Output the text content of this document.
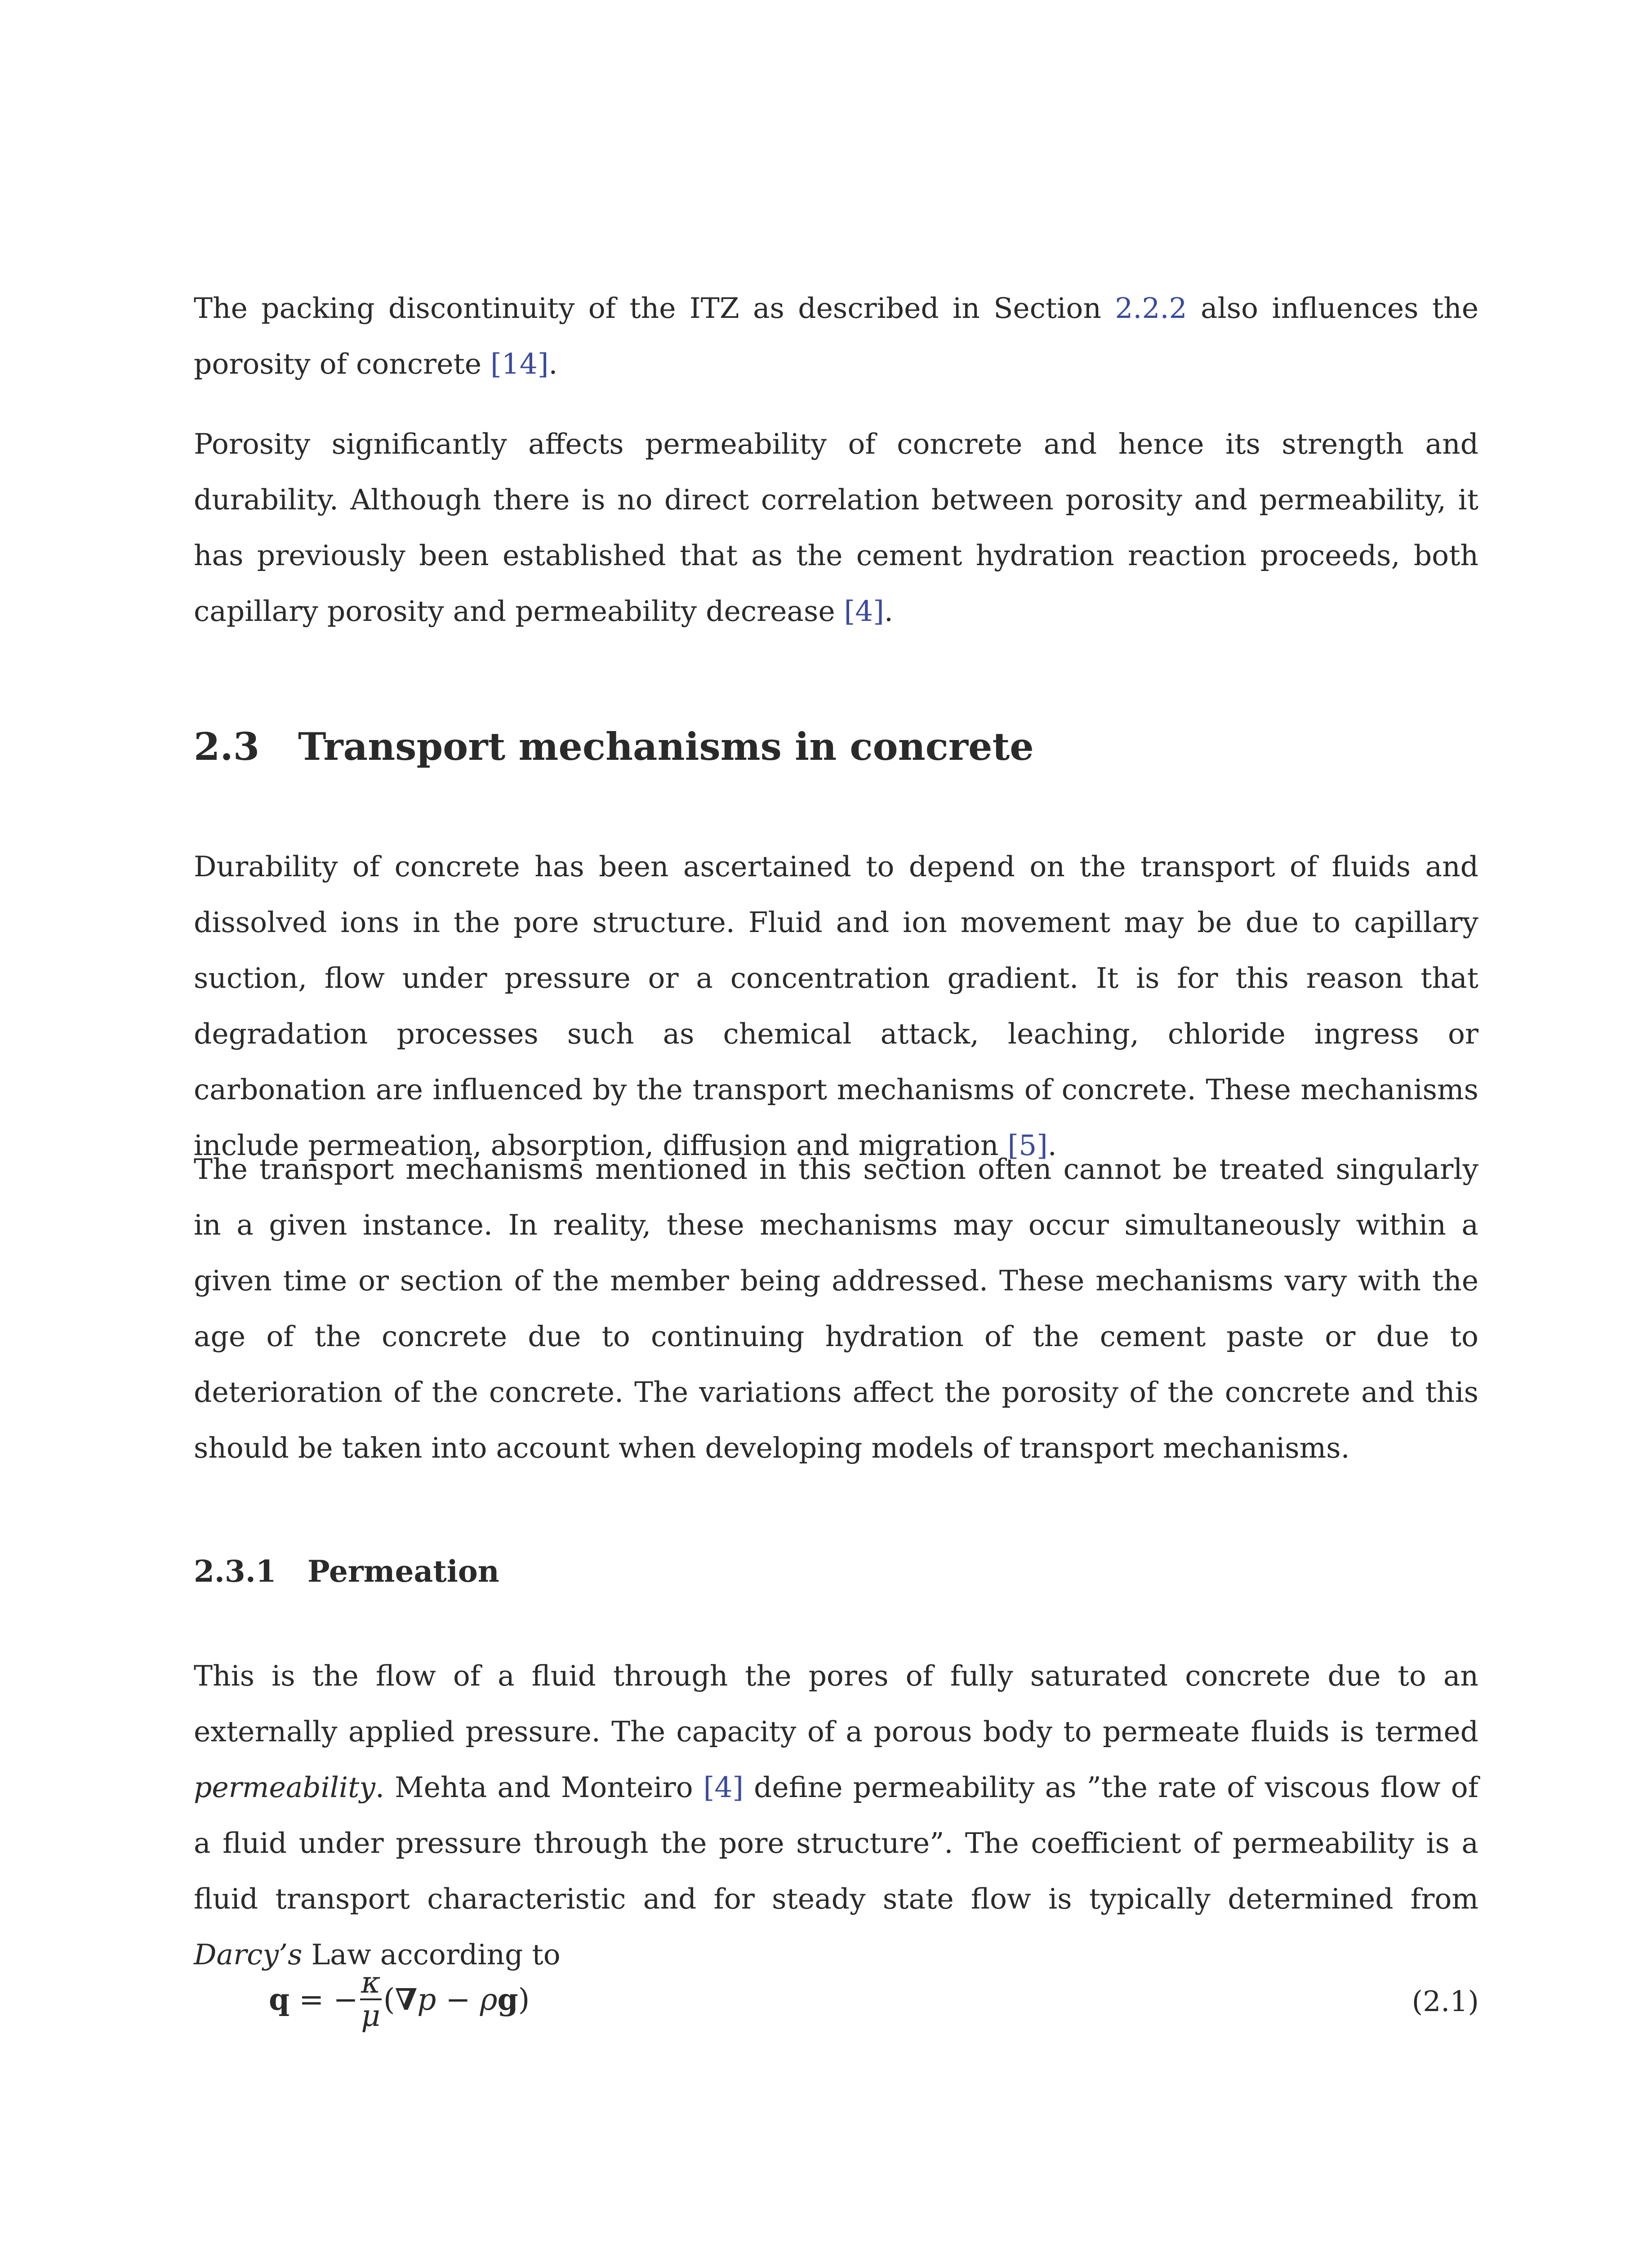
The packing discontinuity of the ITZ as described in Section 2.2.2 also influences the porosity of concrete [14].

Porosity significantly affects permeability of concrete and hence its strength and durability. Although there is no direct correlation between porosity and permeability, it has previously been established that as the cement hydration reaction proceeds, both capillary porosity and permeability decrease [4].

2.3 Transport mechanisms in concrete

Durability of concrete has been ascertained to depend on the transport of fluids and dissolved ions in the pore structure. Fluid and ion movement may be due to capillary suction, flow under pressure or a concentration gradient. It is for this reason that degradation processes such as chemical attack, leaching, chloride ingress or carbonation are influenced by the transport mechanisms of concrete. These mechanisms include permeation, absorption, diffusion and migration [5].

The transport mechanisms mentioned in this section often cannot be treated singularly in a given instance. In reality, these mechanisms may occur simultaneously within a given time or section of the member being addressed. These mechanisms vary with the age of the concrete due to continuing hydration of the cement paste or due to deterioration of the concrete. The variations affect the porosity of the concrete and this should be taken into account when developing models of transport mechanisms.

2.3.1 Permeation

This is the flow of a fluid through the pores of fully saturated concrete due to an externally applied pressure. The capacity of a porous body to permeate fluids is termed permeability. Mehta and Monteiro [4] define permeability as ”the rate of viscous flow of a fluid under pressure through the pore structure”. The coefficient of permeability is a fluid transport characteristic and for steady state flow is typically determined from Darcy’s Law according to

q = − $\frac{\kappa}{\mu} (\nabla p - \rho g)$	(2.1)
